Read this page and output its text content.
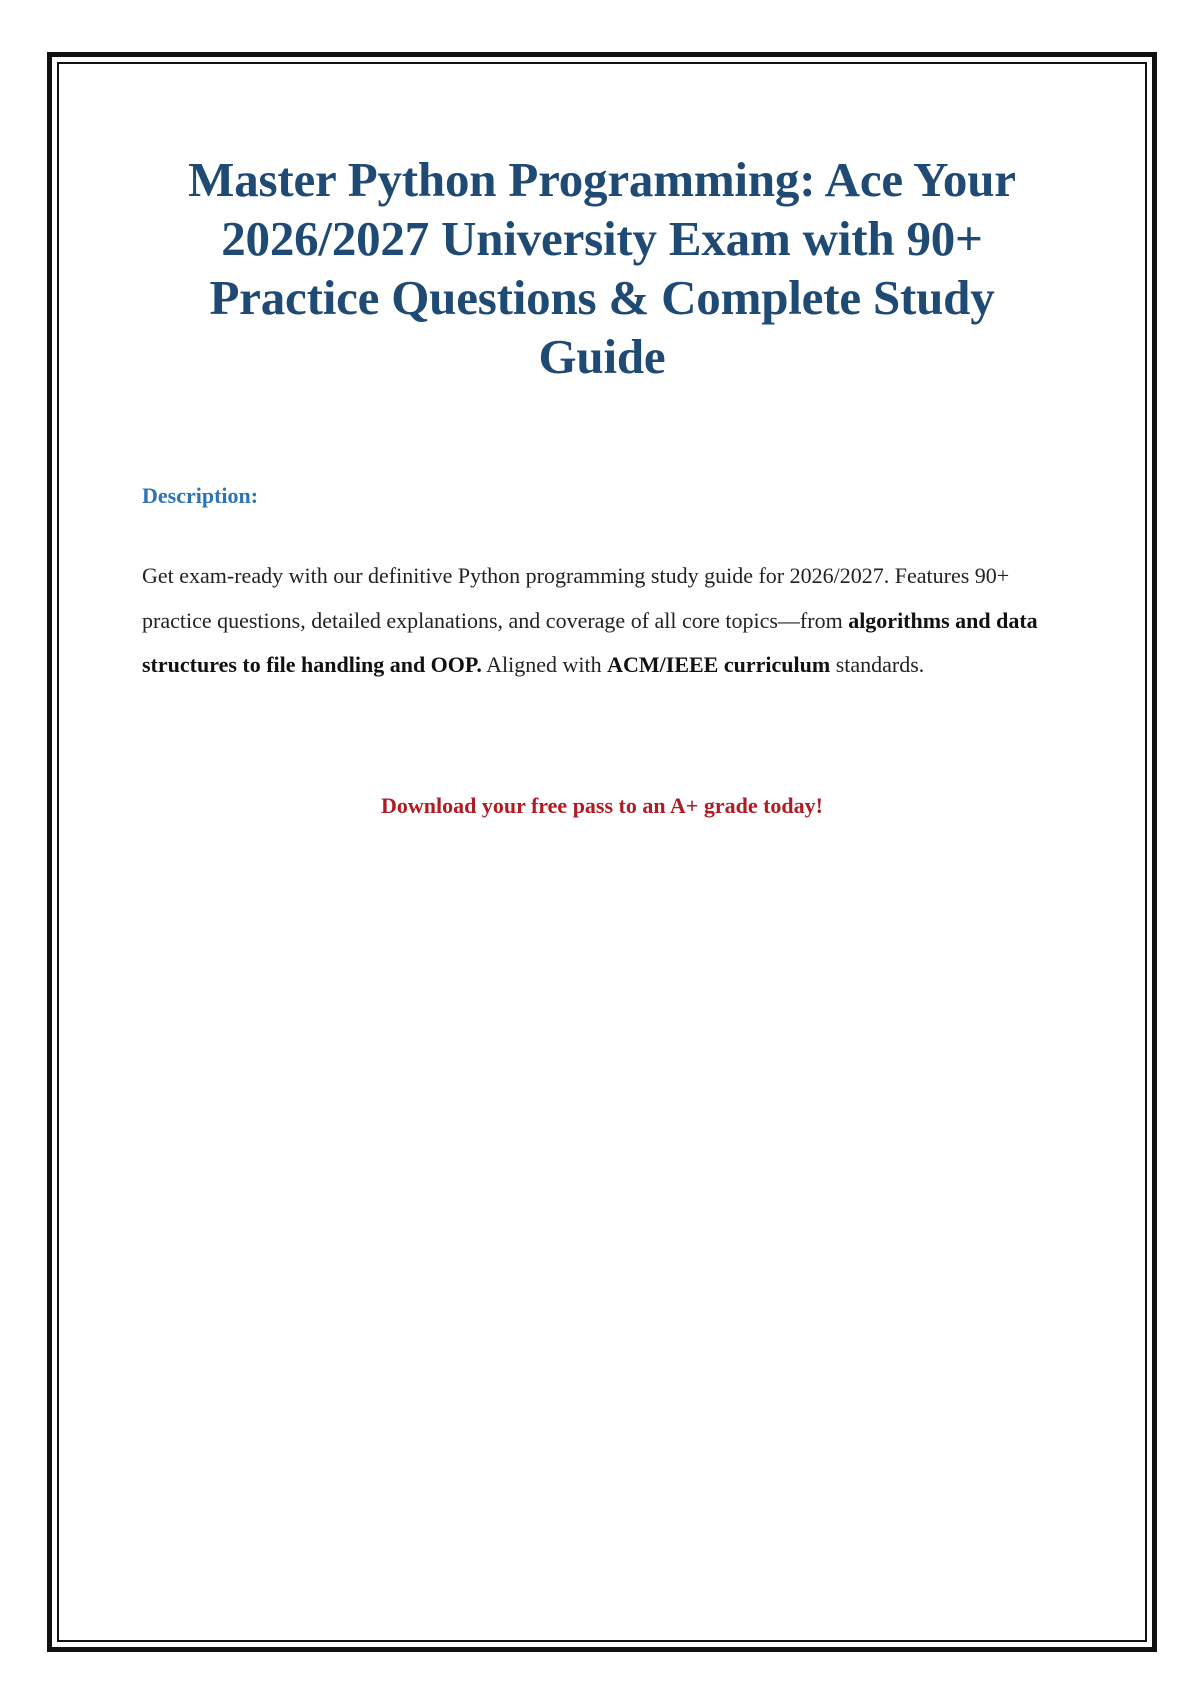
Master Python Programming: Ace Your 2026/2027 University Exam with 90+ Practice Questions & Complete Study Guide

Description:

Get exam-ready with our definitive Python programming study guide for 2026/2027. Features 90+ practice questions, detailed explanations, and coverage of all core topics—from algorithms and data structures to file handling and OOP. Aligned with ACM/IEEE curriculum standards.

Download your free pass to an A+ grade today!
